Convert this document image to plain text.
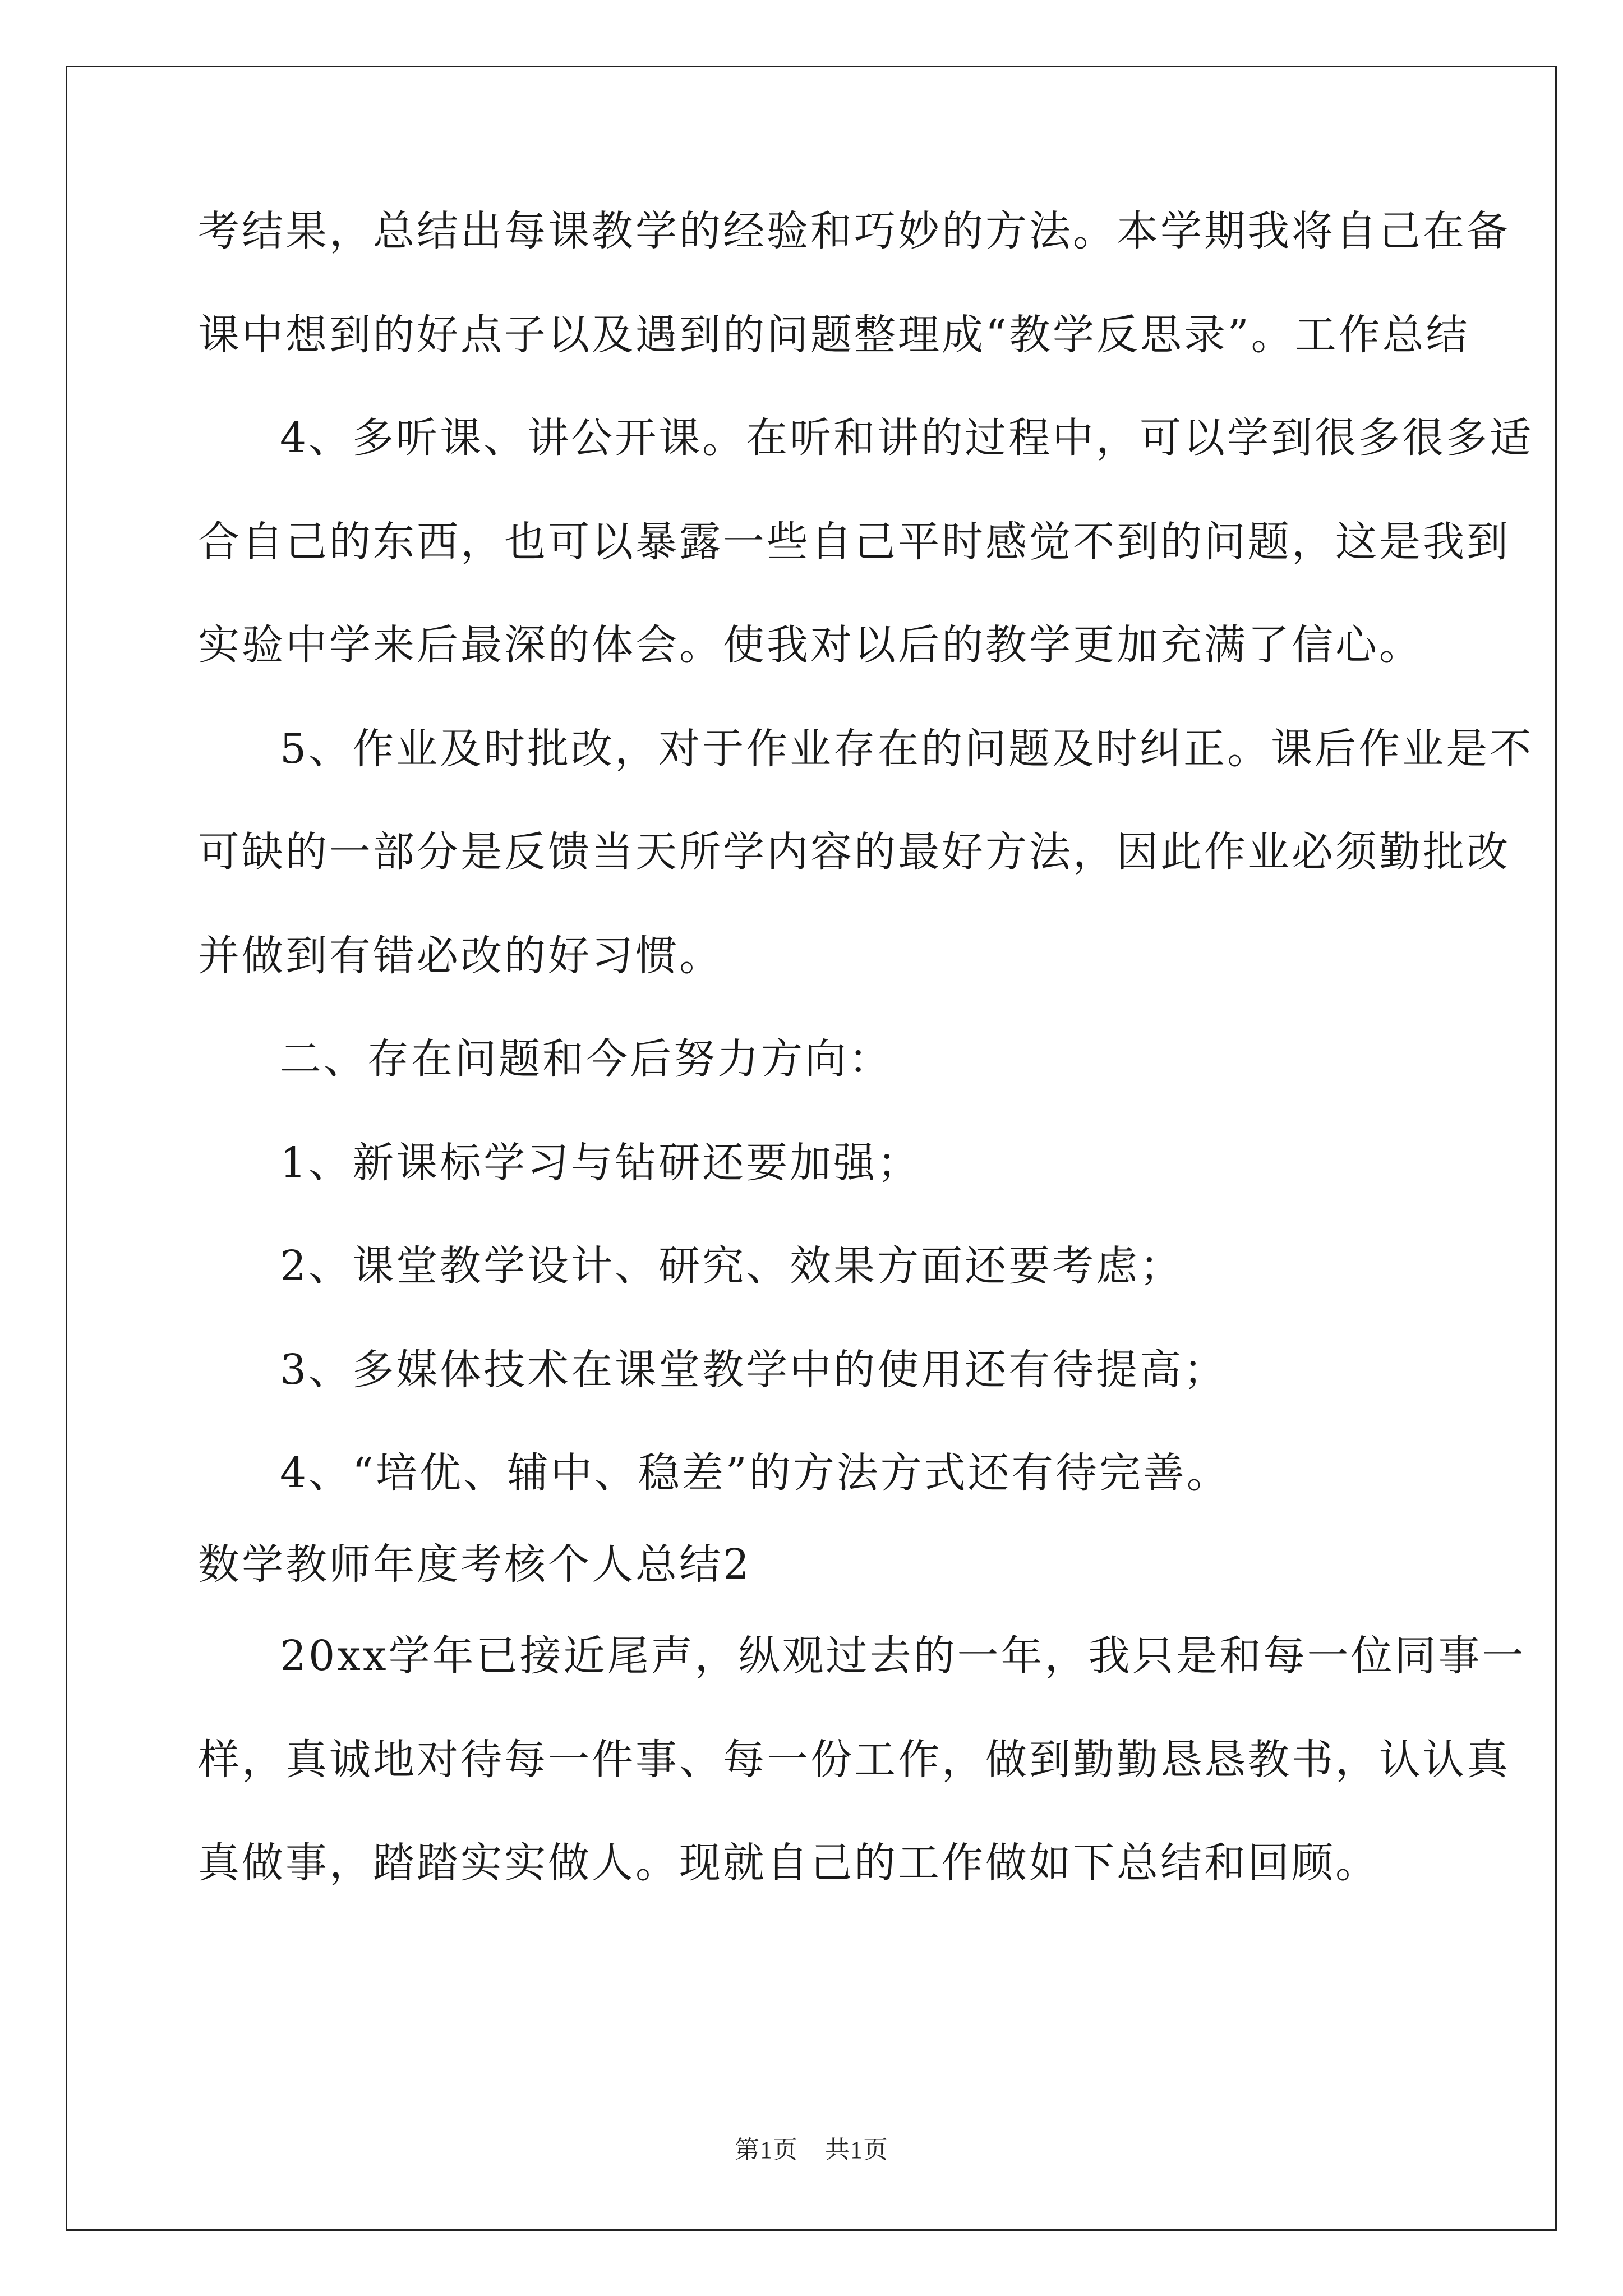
考结果，总结出每课教学的经验和巧妙的方法。本学期我将自己在备
课中想到的好点子以及遇到的问题整理成“教学反思录”。工作总结
4、多听课、讲公开课。在听和讲的过程中，可以学到很多很多适
合自己的东西，也可以暴露一些自己平时感觉不到的问题，这是我到
实验中学来后最深的体会。使我对以后的教学更加充满了信心。
5、作业及时批改，对于作业存在的问题及时纠正。课后作业是不
可缺的一部分是反馈当天所学内容的最好方法，因此作业必须勤批改
并做到有错必改的好习惯。
二、存在问题和今后努力方向：
1、新课标学习与钻研还要加强；
2、课堂教学设计、研究、效果方面还要考虑；
3、多媒体技术在课堂教学中的使用还有待提高；
4、“培优、辅中、稳差”的方法方式还有待完善。
数学教师年度考核个人总结2
20xx学年已接近尾声，纵观过去的一年，我只是和每一位同事一
样，真诚地对待每一件事、每一份工作，做到勤勤恳恳教书，认认真
真做事，踏踏实实做人。现就自己的工作做如下总结和回顾。
第1页 共1页
